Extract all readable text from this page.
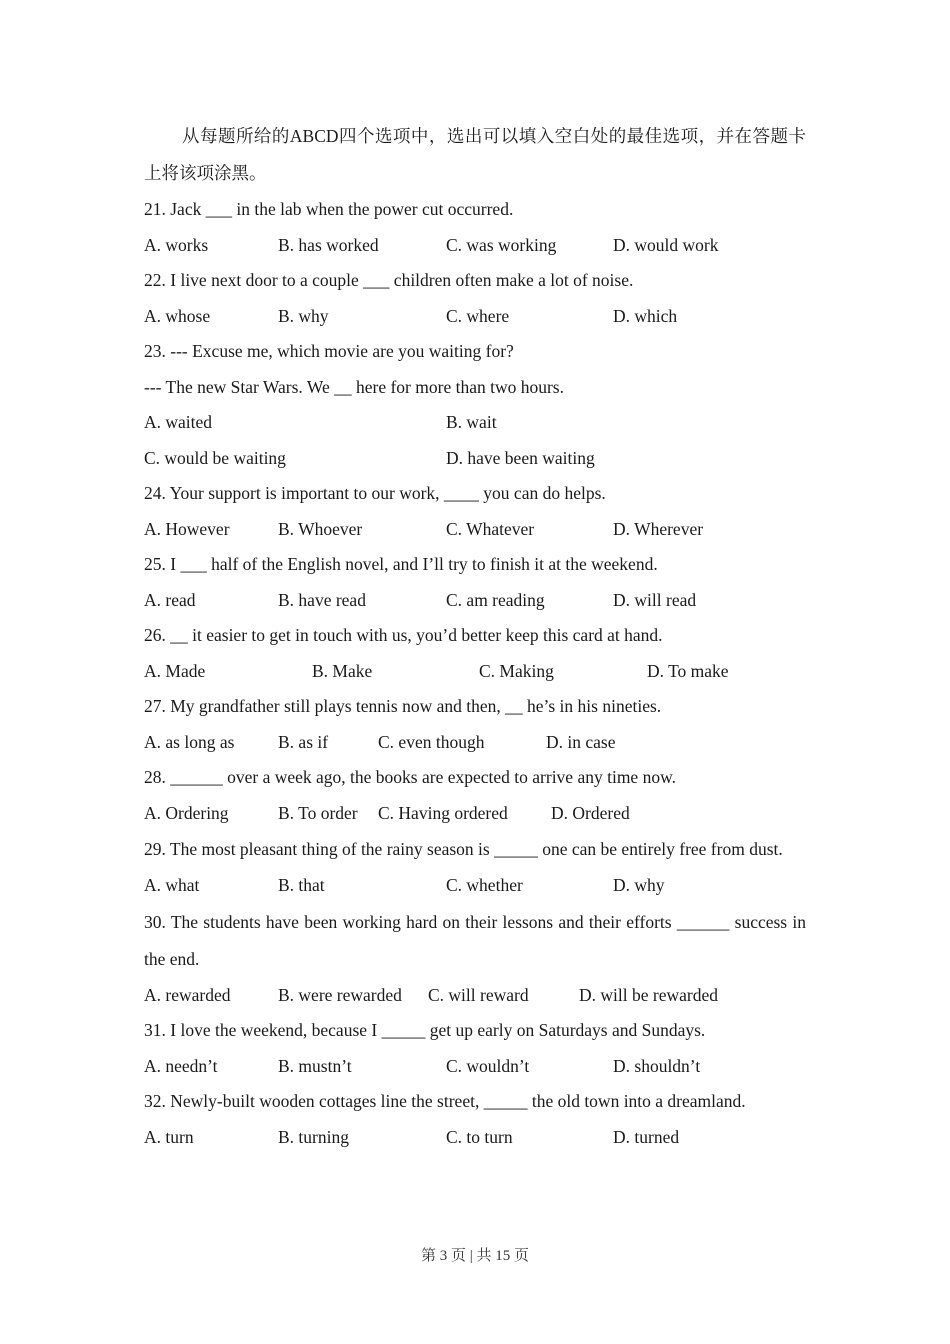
从每题所给的ABCD四个选项中，选出可以填入空白处的最佳选项，并在答题卡上将该项涂黑。
21. Jack ___ in the lab when the power cut occurred.
A. works	B. has worked	C. was working	D. would work
22. I live next door to a couple ___ children often make a lot of noise.
A. whose	B. why	C. where	D. which
23. --- Excuse me, which movie are you waiting for?
--- The new Star Wars. We __ here for more than two hours.
A. waited	B. wait
C. would be waiting	D. have been waiting
24. Your support is important to our work, ____ you can do helps.
A. However	B. Whoever	C. Whatever	D. Wherever
25. I ___ half of the English novel, and I’ll try to finish it at the weekend.
A. read	B. have read	C. am reading	D. will read
26. __ it easier to get in touch with us, you’d better keep this card at hand.
A. Made	B. Make	C. Making	D. To make
27. My grandfather still plays tennis now and then, __ he’s in his nineties.
A. as long as B. as if	C. even though	D. in case
28. ______ over a week ago, the books are expected to arrive any time now.
A. Ordering	B. To order C. Having ordered D. Ordered
29. The most pleasant thing of the rainy season is _____ one can be entirely free from dust.
A. what	B. that	C. whether	D. why
30. The students have been working hard on their lessons and their efforts ______ success in the end.
A. rewarded	B. were rewarded C. will reward	D. will be rewarded
31. I love the weekend, because I _____ get up early on Saturdays and Sundays.
A. needn’t	B. mustn’t	C. wouldn’t	D. shouldn’t
32. Newly-built wooden cottages line the street, _____ the old town into a dreamland.
A. turn	B. turning	C. to turn	D. turned
第 3 页 | 共 15 页
